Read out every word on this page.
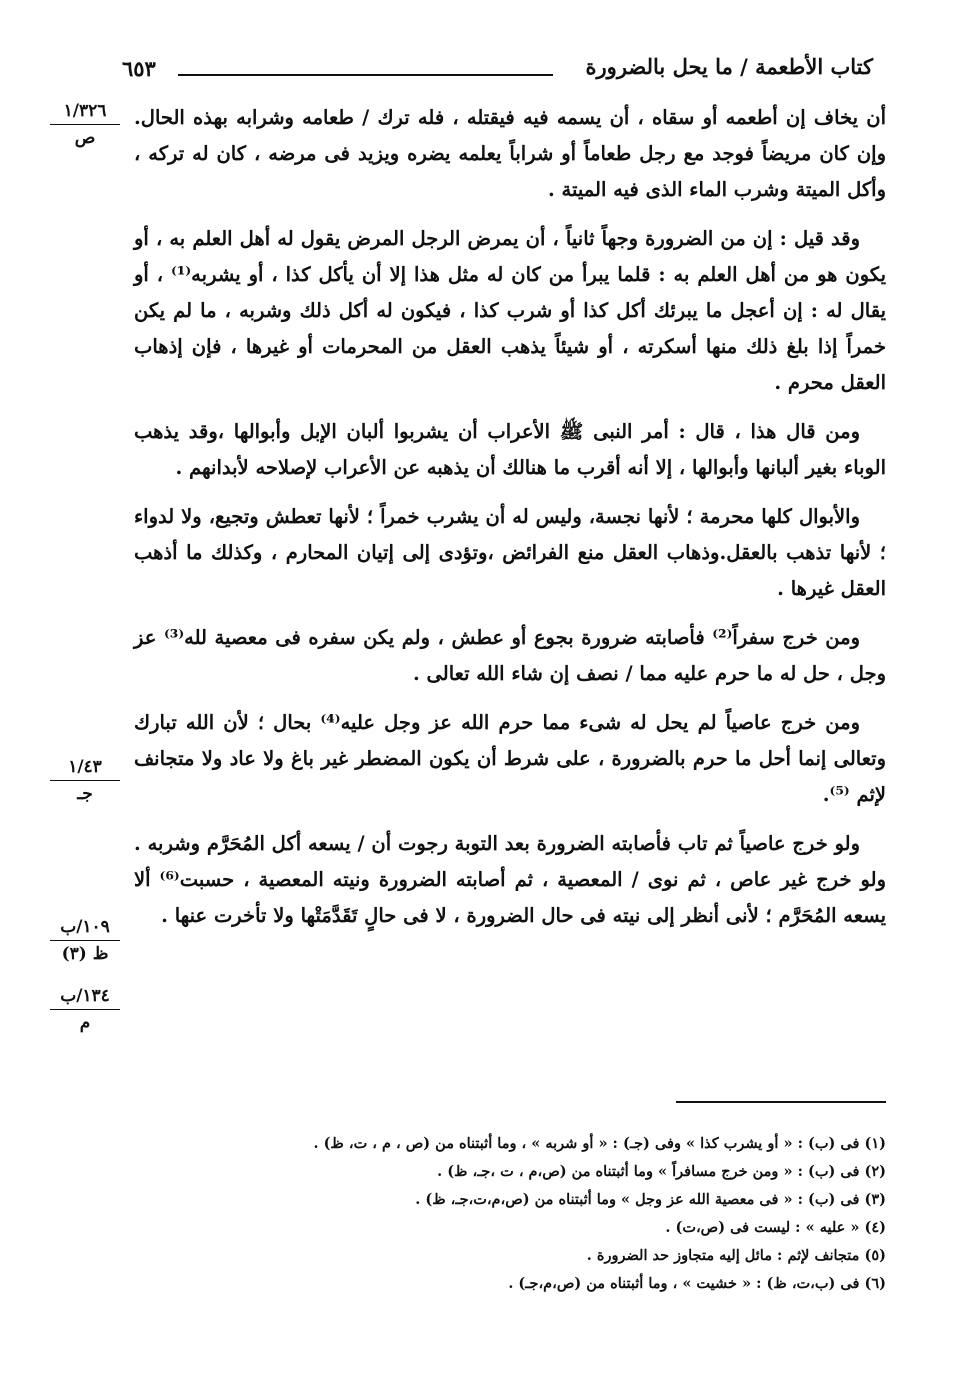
كتاب الأطعمة / ما يحل بالضرورة
٦٥٣
١/٣٢٦
ص
١/٤٣
جـ
١٠٩/ب
ظ (٣)
١٣٤/ب
م

أن يخاف إن أطعمه أو سقاه ، أن يسمه فيه فيقتله ، فله ترك / طعامه وشرابه بهذه الحال. وإن كان مريضاً فوجد مع رجل طعاماً أو شراباً يعلمه يضره ويزيد فى مرضه ، كان له تركه ، وأكل الميتة وشرب الماء الذى فيه الميتة .

وقد قيل : إن من الضرورة وجهاً ثانياً ، أن يمرض الرجل المرض يقول له أهل العلم به ، أو يكون هو من أهل العلم به : قلما يبرأ من كان له مثل هذا إلا أن يأكل كذا ، أو يشربه⁽¹⁾ ، أو يقال له : إن أعجل ما يبرئك أكل كذا أو شرب كذا ، فيكون له أكل ذلك وشربه ، ما لم يكن خمراً إذا بلغ ذلك منها أسكرته ، أو شيئاً يذهب العقل من المحرمات أو غيرها ، فإن إذهاب العقل محرم .

ومن قال هذا ، قال : أمر النبى ﷺ الأعراب أن يشربوا ألبان الإبل وأبوالها ،وقد يذهب الوباء بغير ألبانها وأبوالها ، إلا أنه أقرب ما هنالك أن يذهبه عن الأعراب لإصلاحه لأبدانهم .

والأبوال كلها محرمة ؛ لأنها نجسة، وليس له أن يشرب خمراً ؛ لأنها تعطش وتجيع، ولا لدواء ؛ لأنها تذهب بالعقل.وذهاب العقل منع الفرائض ،وتؤدى إلى إتيان المحارم ، وكذلك ما أذهب العقل غيرها .

ومن خرج سفراً⁽²⁾ فأصابته ضرورة بجوع أو عطش ، ولم يكن سفره فى معصية لله⁽³⁾ عز وجل ، حل له ما حرم عليه مما / نصف إن شاء الله تعالى .

ومن خرج عاصياً لم يحل له شىء مما حرم الله عز وجل عليه⁽⁴⁾ بحال ؛ لأن الله تبارك وتعالى إنما أحل ما حرم بالضرورة ، على شرط أن يكون المضطر غير باغ ولا عاد ولا متجانف لإثم ⁽⁵⁾.

ولو خرج عاصياً ثم تاب فأصابته الضرورة بعد التوبة رجوت أن / يسعه أكل المُحَرَّم وشربه . ولو خرج غير عاص ، ثم نوى / المعصية ، ثم أصابته الضرورة ونيته المعصية ، حسبت⁽⁶⁾ ألا يسعه المُحَرَّم ؛ لأنى أنظر إلى نيته فى حال الضرورة ، لا فى حالٍ تَقَدَّمَتْها ولا تأخرت عنها .

(١) فى (ب) : « أو يشرب كذا » وفى (جـ) : « أو شربه » ، وما أثبتناه من (ص ، م ، ت، ظ) .
(٢) فى (ب) : « ومن خرج مسافراً » وما أثبتناه من (ص،م ، ت ،جـ، ظ) .
(٣) فى (ب) : « فى معصية الله عز وجل » وما أثبتناه من (ص،م،ت،جـ، ظ) .
(٤) « عليه » : ليست فى (ص،ت) .
(٥) متجانف لإثم : مائل إليه متجاوز حد الضرورة .
(٦) فى (ب،ت، ظ) : « خشيت » ، وما أثبتناه من (ص،م،جـ) .
